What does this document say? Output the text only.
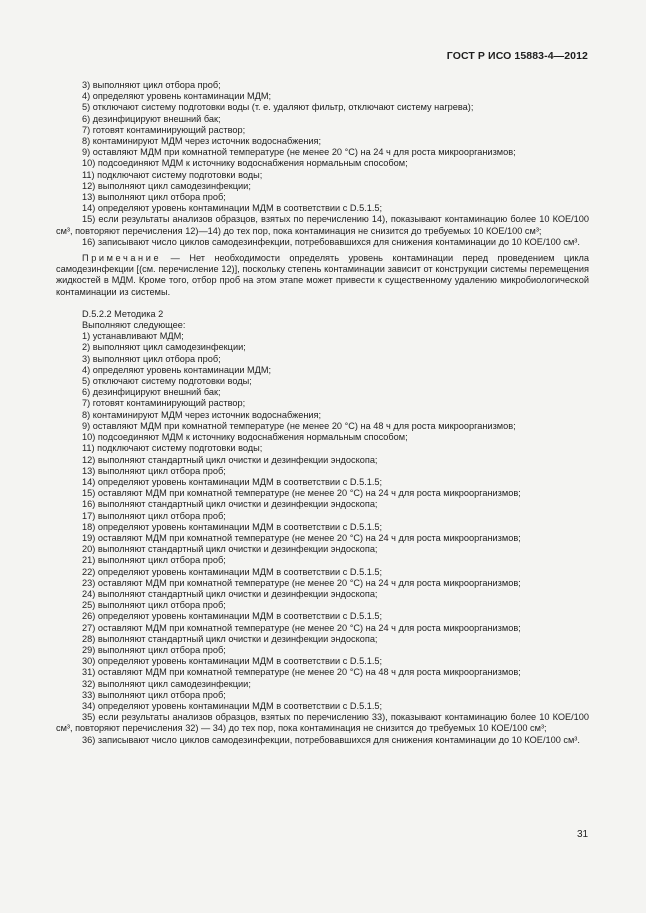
ГОСТ Р ИСО 15883-4—2012
3) выполняют цикл отбора проб;
4) определяют уровень контаминации МДМ;
5) отключают систему подготовки воды (т. е. удаляют фильтр, отключают систему нагрева);
6) дезинфицируют внешний бак;
7) готовят контаминирующий раствор;
8) контаминируют МДМ через источник водоснабжения;
9) оставляют МДМ при комнатной температуре (не менее 20 °С) на 24 ч для роста микроорганизмов;
10) подсоединяют МДМ к источнику водоснабжения нормальным способом;
11) подключают систему подготовки воды;
12) выполняют цикл самодезинфекции;
13) выполняют цикл отбора проб;
14) определяют уровень контаминации МДМ в соответствии с D.5.1.5;
15) если результаты анализов образцов, взятых по перечислению 14), показывают контаминацию более 10 КОЕ/100 см³, повторяют перечисления 12)—14) до тех пор, пока контаминация не снизится до требуемых 10 КОЕ/100 см³;
16) записывают число циклов самодезинфекции, потребовавшихся для снижения контаминации до 10 КОЕ/100 см³.
Примечание — Нет необходимости определять уровень контаминации перед проведением цикла самодезинфекции [(см. перечисление 12)], поскольку степень контаминации зависит от конструкции системы перемещения жидкостей в МДМ. Кроме того, отбор проб на этом этапе может привести к существенному удалению микробиологической контаминации из системы.
D.5.2.2 Методика 2
Выполняют следующее:
1) устанавливают МДМ;
2) выполняют цикл самодезинфекции;
3) выполняют цикл отбора проб;
4) определяют уровень контаминации МДМ;
5) отключают систему подготовки воды;
6) дезинфицируют внешний бак;
7) готовят контаминирующий раствор;
8) контаминируют МДМ через источник водоснабжения;
9) оставляют МДМ при комнатной температуре (не менее 20 °С) на 48 ч для роста микроорганизмов;
10) подсоединяют МДМ к источнику водоснабжения нормальным способом;
11) подключают систему подготовки воды;
12) выполняют стандартный цикл очистки и дезинфекции эндоскопа;
13) выполняют цикл отбора проб;
14) определяют уровень контаминации МДМ в соответствии с D.5.1.5;
15) оставляют МДМ при комнатной температуре (не менее 20 °С) на 24 ч для роста микроорганизмов;
16) выполняют стандартный цикл очистки и дезинфекции эндоскопа;
17) выполняют цикл отбора проб;
18) определяют уровень контаминации МДМ в соответствии с D.5.1.5;
19) оставляют МДМ при комнатной температуре (не менее 20 °С) на 24 ч для роста микроорганизмов;
20) выполняют стандартный цикл очистки и дезинфекции эндоскопа;
21) выполняют цикл отбора проб;
22) определяют уровень контаминации МДМ в соответствии с D.5.1.5;
23) оставляют МДМ при комнатной температуре (не менее 20 °С) на 24 ч для роста микроорганизмов;
24) выполняют стандартный цикл очистки и дезинфекции эндоскопа;
25) выполняют цикл отбора проб;
26) определяют уровень контаминации МДМ в соответствии с D.5.1.5;
27) оставляют МДМ при комнатной температуре (не менее 20 °С) на 24 ч для роста микроорганизмов;
28) выполняют стандартный цикл очистки и дезинфекции эндоскопа;
29) выполняют цикл отбора проб;
30) определяют уровень контаминации МДМ в соответствии с D.5.1.5;
31) оставляют МДМ при комнатной температуре (не менее 20 °С) на 48 ч для роста микроорганизмов;
32) выполняют цикл самодезинфекции;
33) выполняют цикл отбора проб;
34) определяют уровень контаминации МДМ в соответствии с D.5.1.5;
35) если результаты анализов образцов, взятых по перечислению 33), показывают контаминацию более 10 КОЕ/100 см³, повторяют перечисления 32) — 34) до тех пор, пока контаминация не снизится до требуемых 10 КОЕ/100 см³;
36) записывают число циклов самодезинфекции, потребовавшихся для снижения контаминации до 10 КОЕ/100 см³.
31
